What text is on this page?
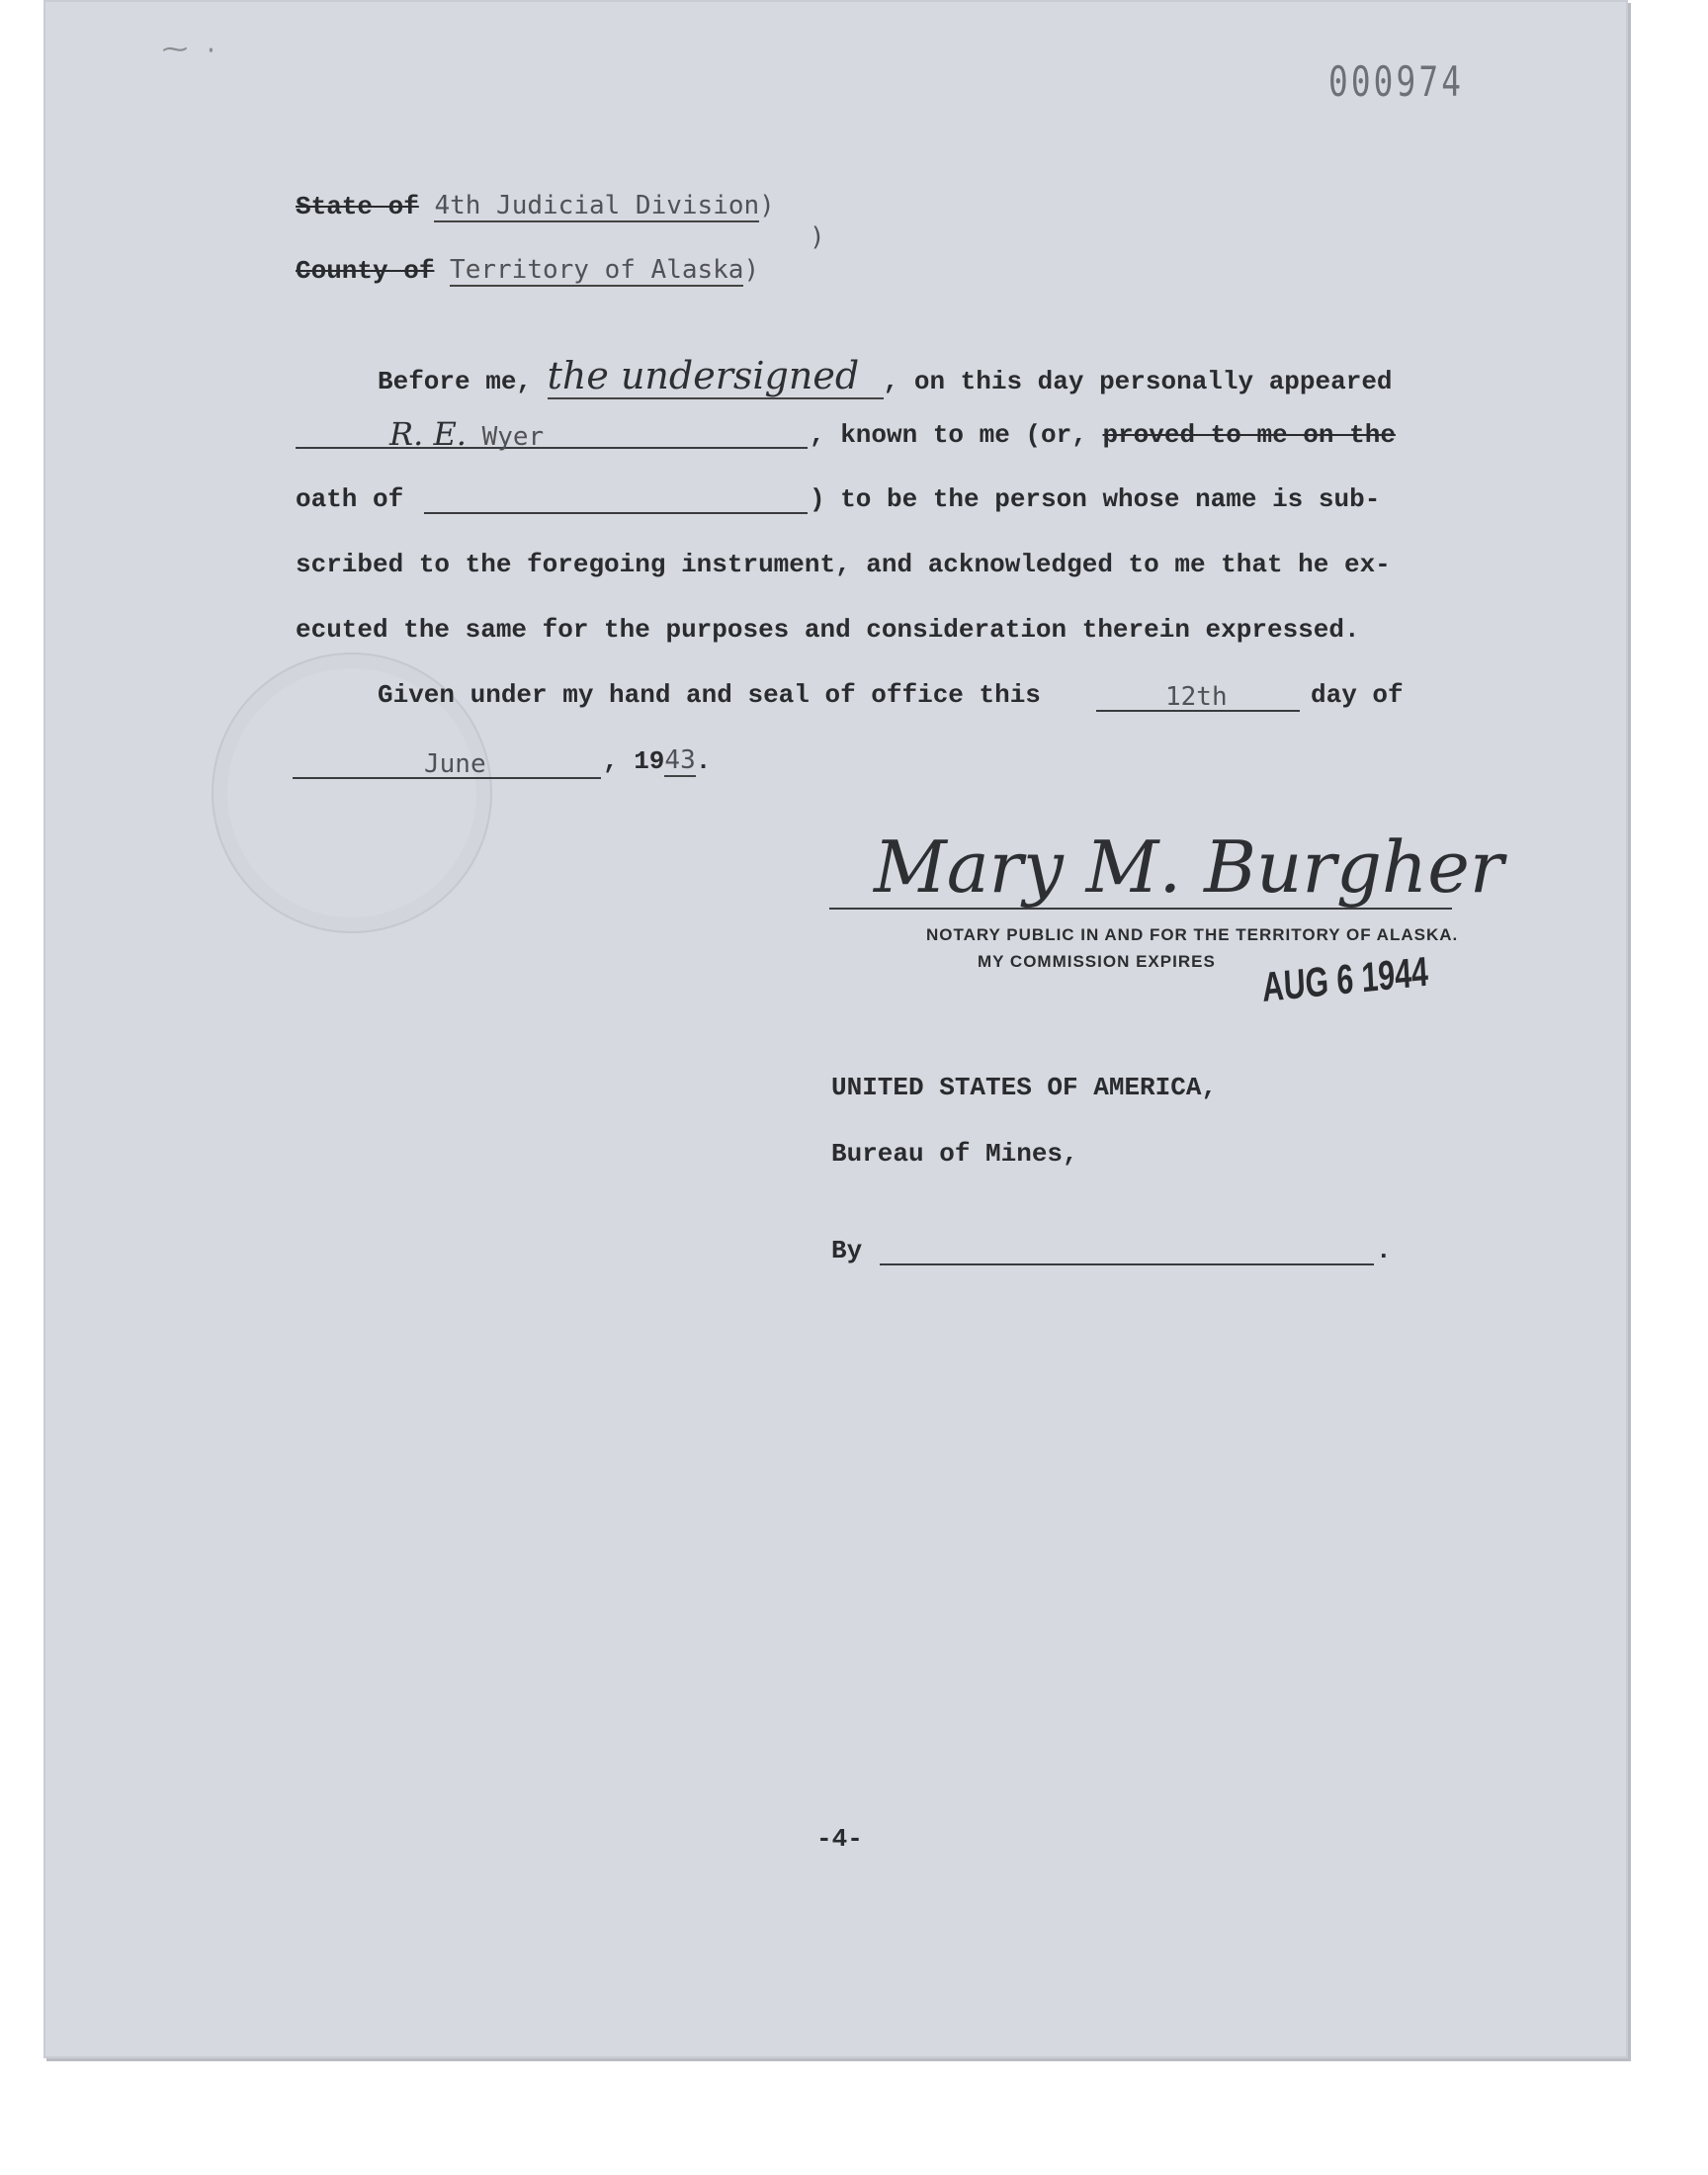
⁓ ·
000974
State of 4th Judicial Division)
)
County of Territory of Alaska)
Before me, the undersigned , on this day personally appeared
R. E. Wyer	, known to me (or, proved to me on the
oath of	) to be the person whose name is sub-
scribed to the foregoing instrument, and acknowledged to me that he ex-
ecuted the same for the purposes and consideration therein expressed.
Given under my hand and seal of office this	12th	day of
June	, 1943.
Mary M. Burgher
NOTARY PUBLIC IN AND FOR THE TERRITORY OF ALASKA.
MY COMMISSION EXPIRES AUG 6 1944
UNITED STATES OF AMERICA,
Bureau of Mines,
By	.
-4-
